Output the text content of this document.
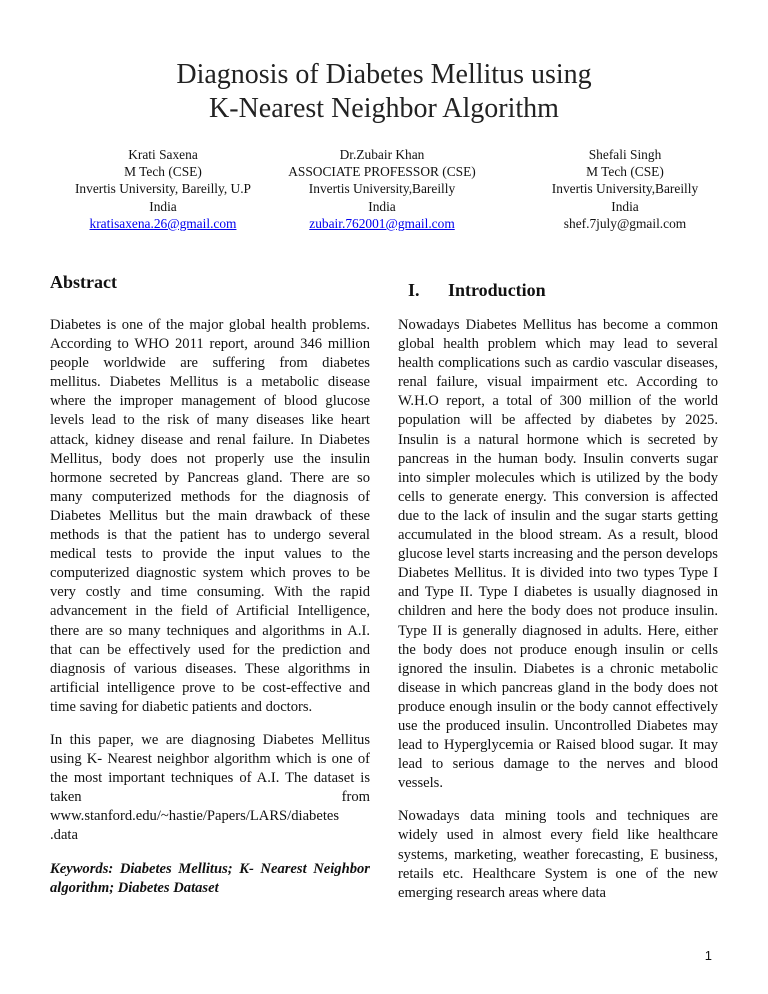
Diagnosis of Diabetes Mellitus using
K-Nearest Neighbor Algorithm
Krati Saxena
M Tech (CSE)
Invertis University, Bareilly, U.P
India
kratisaxena.26@gmail.com
Dr.Zubair Khan
ASSOCIATE PROFESSOR (CSE)
Invertis University,Bareilly
India
zubair.762001@gmail.com
Shefali Singh
M Tech (CSE)
Invertis University,Bareilly
India
shef.7july@gmail.com
Abstract

Diabetes is one of the major global health problems. According to WHO 2011 report, around 346 million people worldwide are suffering from diabetes mellitus. Diabetes Mellitus is a metabolic disease where the improper management of blood glucose levels lead to the risk of many diseases like heart attack, kidney disease and renal failure. In Diabetes Mellitus, body does not properly use the insulin hormone secreted by Pancreas gland. There are so many computerized methods for the diagnosis of Diabetes Mellitus but the main drawback of these methods is that the patient has to undergo several medical tests to provide the input values to the computerized diagnostic system which proves to be very costly and time consuming. With the rapid advancement in the field of Artificial Intelligence, there are so many techniques and algorithms in A.I. that can be effectively used for the prediction and diagnosis of various diseases. These algorithms in artificial intelligence prove to be cost-effective and time saving for diabetic patients and doctors.

In this paper, we are diagnosing Diabetes Mellitus using K- Nearest neighbor algorithm which is one of the most important techniques of A.I. The dataset is taken from www.stanford.edu/~hastie/Papers/LARS/diabetes .data

Keywords: Diabetes Mellitus; K- Nearest Neighbor algorithm; Diabetes Dataset

I. Introduction

Nowadays Diabetes Mellitus has become a common global health problem which may lead to several health complications such as cardio vascular diseases, renal failure, visual impairment etc. According to W.H.O report, a total of 300 million of the world population will be affected by diabetes by 2025. Insulin is a natural hormone which is secreted by pancreas in the human body. Insulin converts sugar into simpler molecules which is utilized by the body cells to generate energy. This conversion is affected due to the lack of insulin and the sugar starts getting accumulated in the blood stream. As a result, blood glucose level starts increasing and the person develops Diabetes Mellitus. It is divided into two types Type I and Type II. Type I diabetes is usually diagnosed in children and here the body does not produce insulin. Type II is generally diagnosed in adults. Here, either the body does not produce enough insulin or cells ignored the insulin. Diabetes is a chronic metabolic disease in which pancreas gland in the body does not produce enough insulin or the body cannot effectively use the produced insulin. Uncontrolled Diabetes may lead to Hyperglycemia or Raised blood sugar. It may lead to serious damage to the nerves and blood vessels.

Nowadays data mining tools and techniques are widely used in almost every field like healthcare systems, marketing, weather forecasting, E business, retails etc. Healthcare System is one of the new emerging research areas where data

1
